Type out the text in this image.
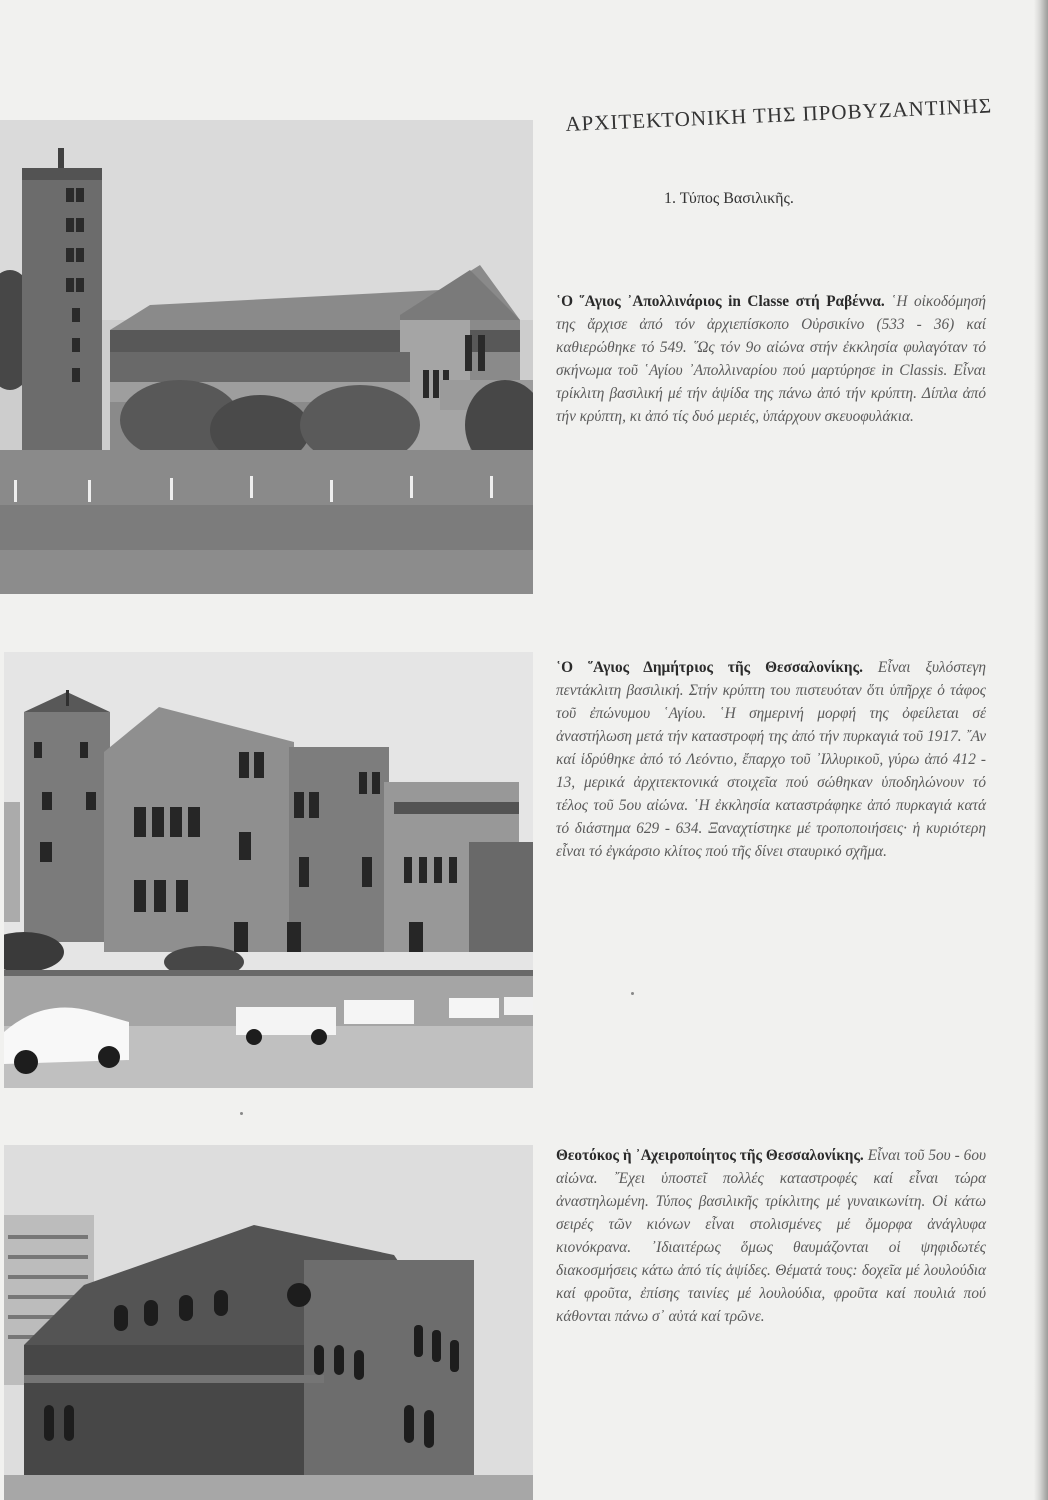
ΑΡΧΙΤΕΚΤΟΝΙΚΗ ΤΗΣ ΠΡΟΒΥΖΑΝΤΙΝΗΣ
1. Τύπος Βασιλικῆς.
῾Ο ῞Αγιος ᾿Απολλινάριος in Classe στή Ραβέννα. ῾Η οἰκοδόμησή της ἄρχισε ἀπό τόν ἀρχιεπίσκοπο Οὐρσικίνο (533 - 36) καί καθιερώθηκε τό 549. ῞Ως τόν 9ο αἰώνα στήν ἐκκλησία φυλαγόταν τό σκήνωμα τοῦ ῾Αγίου ᾿Απολλιναρίου πού μαρτύρησε in Classis. Εἶναι τρίκλιτη βασιλική μέ τήν ἁψίδα της πάνω ἀπό τήν κρύπτη. Δίπλα ἀπό τήν κρύπτη, κι ἀπό τίς δυό μεριές, ὑπάρχουν σκευοφυλάκια.
῾Ο ῞Αγιος Δημήτριος τῆς Θεσσαλονίκης. Εἶναι ξυλόστεγη πεντάκλιτη βασιλική. Στήν κρύπτη του πιστευόταν ὅτι ὑπῆρχε ὁ τάφος τοῦ ἐπώνυμου ῾Αγίου. ῾Η σημερινή μορφή της ὀφείλεται σέ ἀναστήλωση μετά τήν καταστροφή της ἀπό τήν πυρκαγιά τοῦ 1917. ῎Αν καί ἱδρύθηκε ἀπό τό Λεόντιο, ἔπαρχο τοῦ ᾿Ιλλυρικοῦ, γύρω ἀπό 412 - 13, μερικά ἀρχιτεκτονικά στοιχεῖα πού σώθηκαν ὑποδηλώνουν τό τέλος τοῦ 5ου αἰώνα. ῾Η ἐκκλησία καταστράφηκε ἀπό πυρκαγιά κατά τό διάστημα 629 - 634. Ξαναχτίστηκε μέ τροποποιήσεις· ἡ κυριότερη εἶναι τό ἐγκάρσιο κλίτος πού τῆς δίνει σταυρικό σχῆμα.
Θεοτόκος ἡ ᾿Αχειροποίητος τῆς Θεσσαλονίκης. Εἶναι τοῦ 5ου - 6ου αἰώνα. ῎Εχει ὑποστεῖ πολλές καταστροφές καί εἶναι τώρα ἀναστηλωμένη. Τύπος βασιλικῆς τρίκλιτης μέ γυναικωνίτη. Οἱ κάτω σειρές τῶν κιόνων εἶναι στολισμένες μέ ὄμορφα ἀνάγλυφα κιονόκρανα. ᾿Ιδιαιτέρως ὅμως θαυμάζονται οἱ ψηφιδωτές διακοσμήσεις κάτω ἀπό τίς ἁψίδες. Θέματά τους: δοχεῖα μέ λουλούδια καί φροῦτα, ἐπίσης ταινίες μέ λουλούδια, φροῦτα καί πουλιά πού κάθονται πάνω σ᾿ αὐτά καί τρῶνε.
